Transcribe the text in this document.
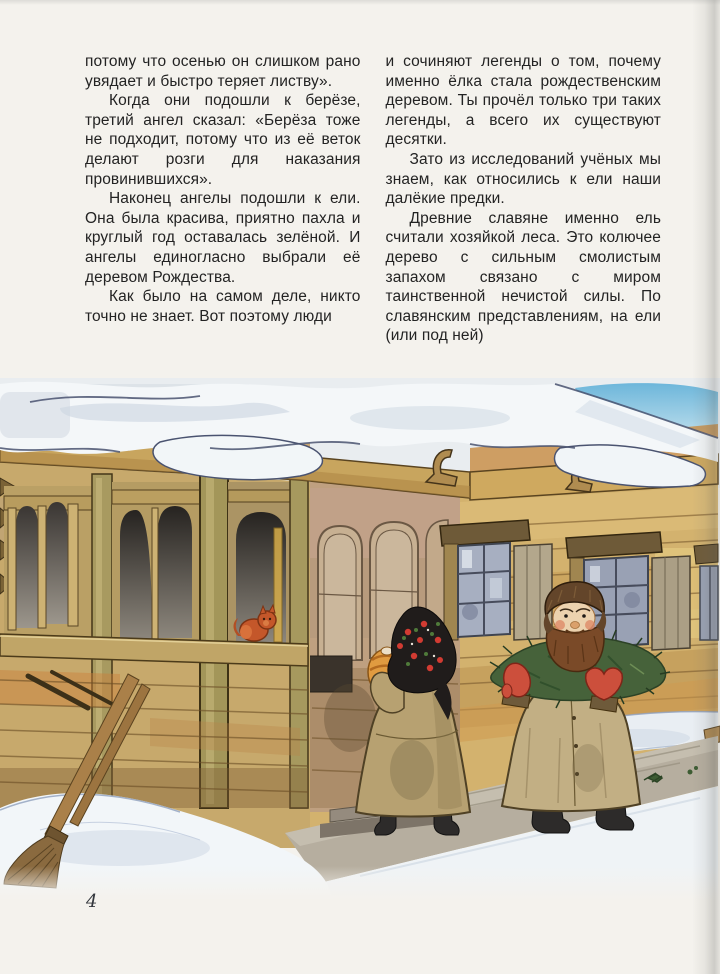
потому что осенью он слишком рано увядает и быстро теряет листву».

Когда они подошли к берёзе, третий ангел сказал: «Берёза тоже не подходит, потому что из её веток делают розги для наказания провинившихся».

Наконец ангелы подошли к ели. Она была красива, приятно пахла и круглый год оставалась зелёной. И ангелы единогласно выбрали её деревом Рождества.

Как было на самом деле, никто точно не знает. Вот поэтому люди

и сочиняют легенды о том, почему именно ёлка стала рождественским деревом. Ты прочёл только три таких легенды, а всего их существуют десятки.

Зато из исследований учёных мы знаем, как относились к ели наши далёкие предки.

Древние славяне именно ель считали хозяйкой леса. Это колючее дерево с сильным смолистым запахом связано с миром таинственной нечистой силы. По славянским представлениям, на ели (или под ней)

4
